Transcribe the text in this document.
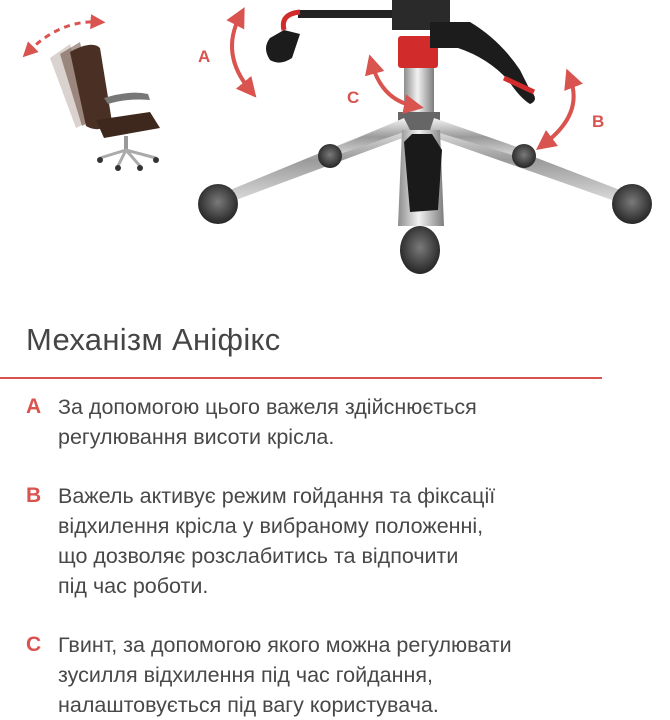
A
C
B
Механізм Аніфікс
A За допомогою цього важеля здійснюється
регулювання висоти крісла.
B Важель активує режим гойдання та фіксації
відхилення крісла у вибраному положенні,
що дозволяє розслабитись та відпочити
під час роботи.
C Гвинт, за допомогою якого можна регулювати
зусилля відхилення під час гойдання,
налаштовується під вагу користувача.
